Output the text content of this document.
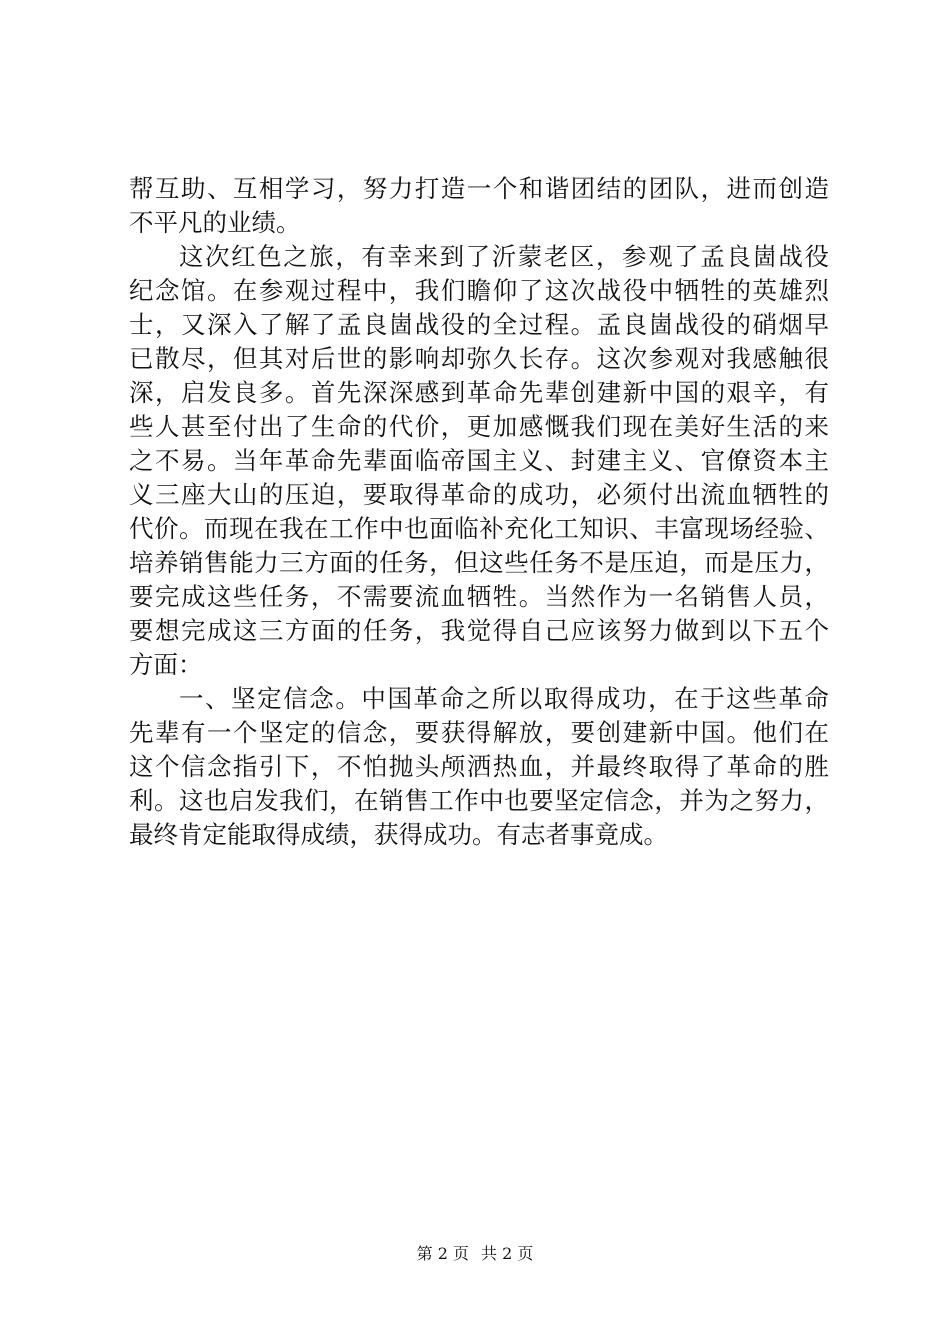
帮互助、互相学习，努力打造一个和谐团结的团队，进而创造
不平凡的业绩。
这次红色之旅，有幸来到了沂蒙老区，参观了孟良崮战役
纪念馆。在参观过程中，我们瞻仰了这次战役中牺牲的英雄烈
士，又深入了解了孟良崮战役的全过程。孟良崮战役的硝烟早
已散尽，但其对后世的影响却弥久长存。这次参观对我感触很
深，启发良多。首先深深感到革命先辈创建新中国的艰辛，有
些人甚至付出了生命的代价，更加感慨我们现在美好生活的来
之不易。当年革命先辈面临帝国主义、封建主义、官僚资本主
义三座大山的压迫，要取得革命的成功，必须付出流血牺牲的
代价。而现在我在工作中也面临补充化工知识、丰富现场经验、
培养销售能力三方面的任务，但这些任务不是压迫，而是压力，
要完成这些任务，不需要流血牺牲。当然作为一名销售人员，
要想完成这三方面的任务，我觉得自己应该努力做到以下五个
方面：
一、坚定信念。中国革命之所以取得成功，在于这些革命
先辈有一个坚定的信念，要获得解放，要创建新中国。他们在
这个信念指引下，不怕抛头颅洒热血，并最终取得了革命的胜
利。这也启发我们，在销售工作中也要坚定信念，并为之努力，
最终肯定能取得成绩，获得成功。有志者事竟成。
第 2 页 共 2 页
